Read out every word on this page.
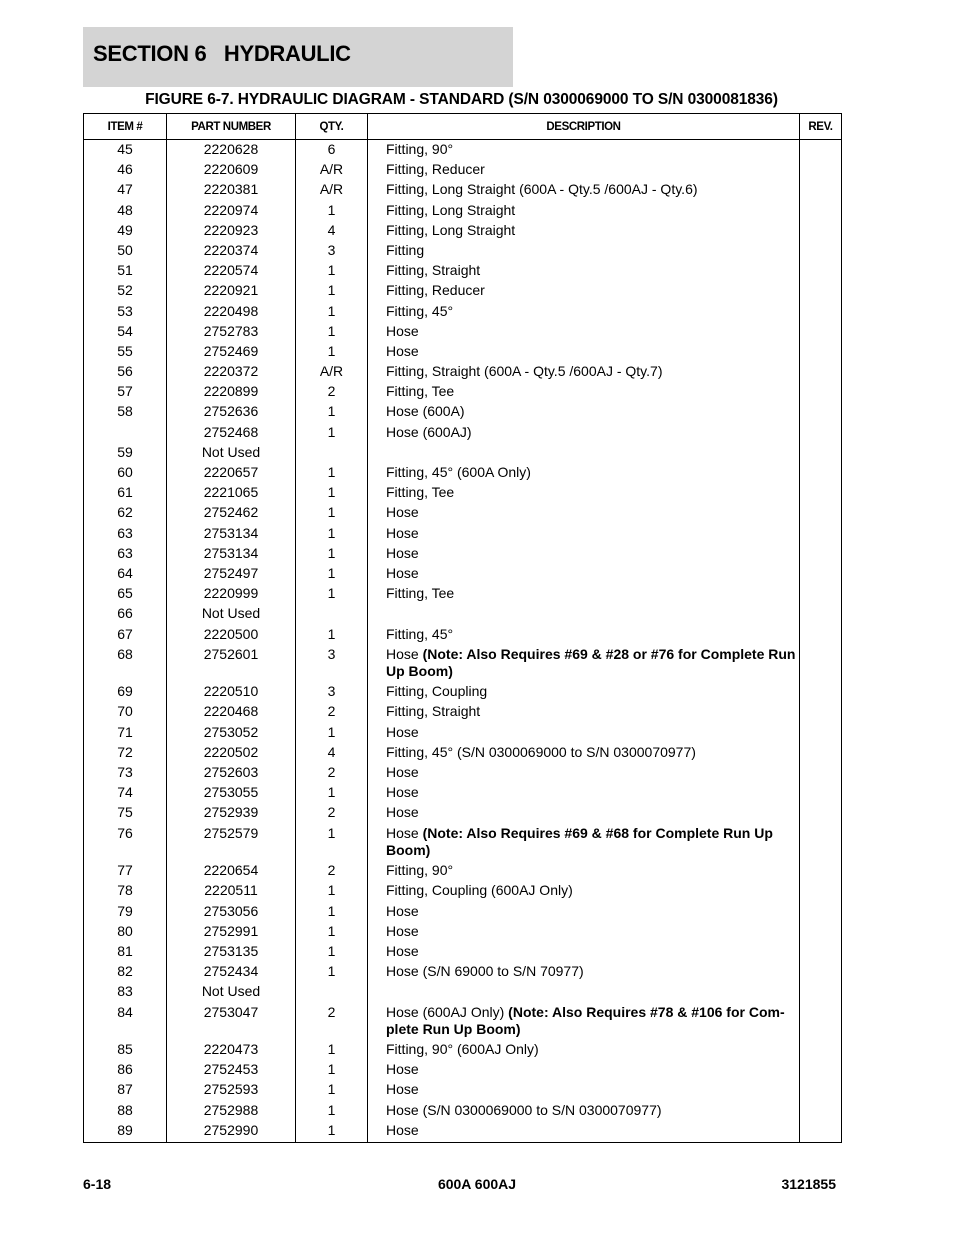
SECTION 6   HYDRAULIC
FIGURE 6-7. HYDRAULIC DIAGRAM - STANDARD (S/N 0300069000 TO S/N 0300081836)
ITEM #	PART NUMBER	QTY.	DESCRIPTION	REV.
45	2220628	6	Fitting, 90°	
46	2220609	A/R	Fitting, Reducer	
47	2220381	A/R	Fitting, Long Straight (600A - Qty.5 /600AJ - Qty.6)	
48	2220974	1	Fitting, Long Straight	
49	2220923	4	Fitting, Long Straight	
50	2220374	3	Fitting	
51	2220574	1	Fitting, Straight	
52	2220921	1	Fitting, Reducer	
53	2220498	1	Fitting, 45°	
54	2752783	1	Hose	
55	2752469	1	Hose	
56	2220372	A/R	Fitting, Straight (600A - Qty.5 /600AJ - Qty.7)	
57	2220899	2	Fitting, Tee	
58	2752636	1	Hose (600A)	
	2752468	1	Hose (600AJ)	
59	Not Used			
60	2220657	1	Fitting, 45° (600A Only)	
61	2221065	1	Fitting, Tee	
62	2752462	1	Hose	
63	2753134	1	Hose	
63	2753134	1	Hose	
64	2752497	1	Hose	
65	2220999	1	Fitting, Tee	
66	Not Used			
67	2220500	1	Fitting, 45°	
68	2752601	3	Hose (Note: Also Requires #69 & #28 or #76 for Complete Run Up Boom)	
69	2220510	3	Fitting, Coupling	
70	2220468	2	Fitting, Straight	
71	2753052	1	Hose	
72	2220502	4	Fitting, 45° (S/N 0300069000 to S/N 0300070977)	
73	2752603	2	Hose	
74	2753055	1	Hose	
75	2752939	2	Hose	
76	2752579	1	Hose (Note: Also Requires #69 & #68 for Complete Run Up Boom)	
77	2220654	2	Fitting, 90°	
78	2220511	1	Fitting, Coupling (600AJ Only)	
79	2753056	1	Hose	
80	2752991	1	Hose	
81	2753135	1	Hose	
82	2752434	1	Hose (S/N 69000 to S/N 70977)	
83	Not Used			
84	2753047	2	Hose (600AJ Only) (Note: Also Requires #78 & #106 for Com-plete Run Up Boom)	
85	2220473	1	Fitting, 90° (600AJ Only)	
86	2752453	1	Hose	
87	2752593	1	Hose	
88	2752988	1	Hose (S/N 0300069000 to S/N 0300070977)	
89	2752990	1	Hose	
6-18	600A 600AJ	3121855
